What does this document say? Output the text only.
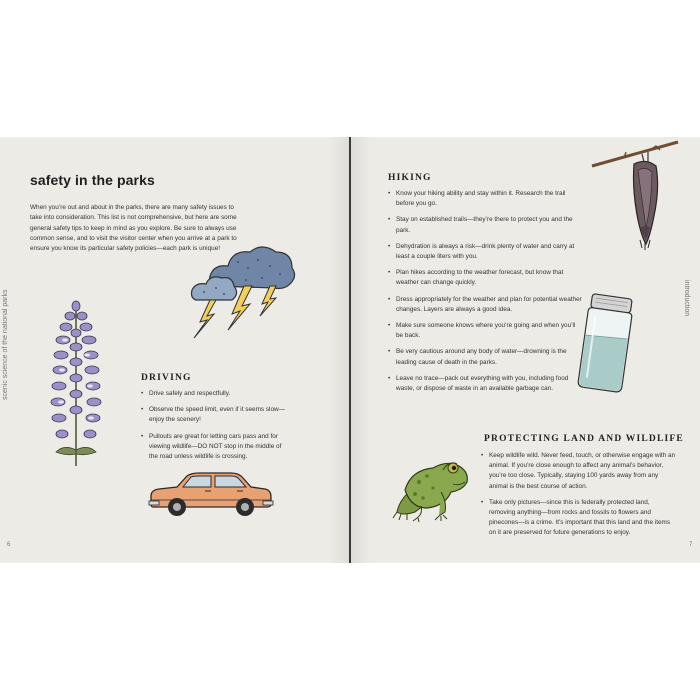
scenic science of the national parks
6
safety in the parks
When you’re out and about in the parks, there are many safety issues to take into consideration. This list is not comprehensive, but here are some general safety tips to keep in mind as you explore. Be sure to always use common sense, and to visit the visitor center when you arrive at a park to ensure you know its particular safety policies—each park is unique!
DRIVING
• Drive safely and respectfully.
• Observe the speed limit, even if it seems slow—enjoy the scenery!
• Pullouts are great for letting cars pass and for viewing wildlife—DO NOT stop in the middle of the road unless wildlife is crossing.
introduction
7
HIKING
• Know your hiking ability and stay within it. Research the trail before you go.
• Stay on established trails—they’re there to protect you and the park.
• Dehydration is always a risk—drink plenty of water and carry at least a couple liters with you.
• Plan hikes according to the weather forecast, but know that weather can change quickly.
• Dress appropriately for the weather and plan for potential weather changes. Layers are always a good idea.
• Make sure someone knows where you’re going and when you’ll be back.
• Be very cautious around any body of water—drowning is the leading cause of death in the parks.
• Leave no trace—pack out everything with you, including food waste, or dispose of waste in an available garbage can.
PROTECTING LAND AND WILDLIFE
• Keep wildlife wild. Never feed, touch, or otherwise engage with an animal. If you’re close enough to affect any animal’s behavior, you’re too close. Typically, staying 100 yards away from any animal is the best course of action.
• Take only pictures—since this is federally protected land, removing anything—from rocks and fossils to flowers and pinecones—is a crime. It’s important that this land and the items on it are preserved for future generations to enjoy.
